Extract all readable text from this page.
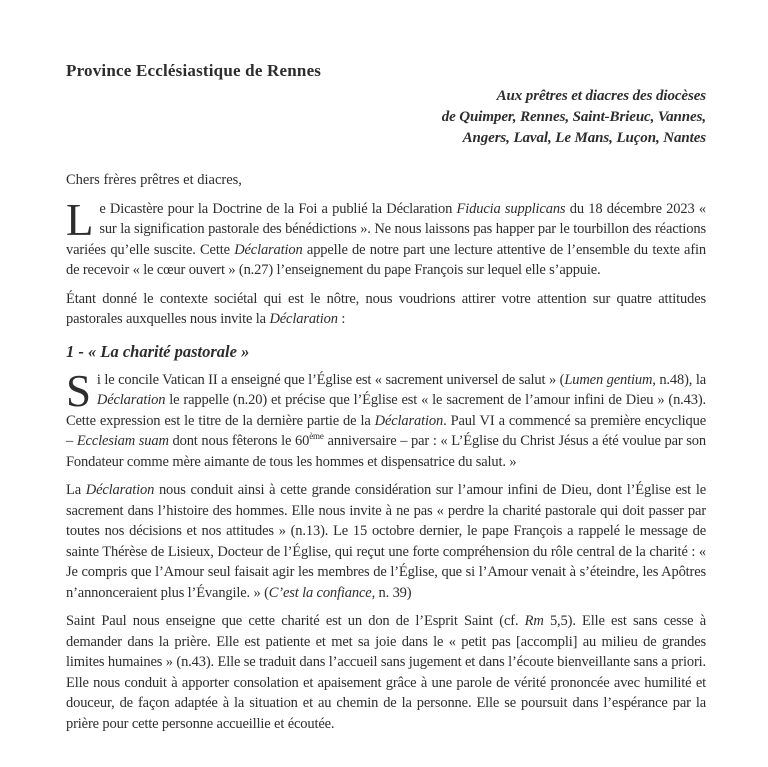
Province Ecclésiastique de Rennes
Aux prêtres et diacres des diocèses
de Quimper, Rennes, Saint-Brieuc, Vannes,
Angers, Laval, Le Mans, Luçon, Nantes

Chers frères prêtres et diacres,

Le Dicastère pour la Doctrine de la Foi a publié la Déclaration Fiducia supplicans du 18 décembre 2023 « sur la signification pastorale des bénédictions ». Ne nous laissons pas happer par le tourbillon des réactions variées qu’elle suscite. Cette Déclaration appelle de notre part une lecture attentive de l’ensemble du texte afin de recevoir « le cœur ouvert » (n.27) l’enseignement du pape François sur lequel elle s’appuie.

Étant donné le contexte sociétal qui est le nôtre, nous voudrions attirer votre attention sur quatre attitudes pastorales auxquelles nous invite la Déclaration :

1 - « La charité pastorale »

Si le concile Vatican II a enseigné que l’Église est « sacrement universel de salut » (Lumen gentium, n.48), la Déclaration le rappelle (n.20) et précise que l’Église est « le sacrement de l’amour infini de Dieu » (n.43). Cette expression est le titre de la dernière partie de la Déclaration. Paul VI a commencé sa première encyclique – Ecclesiam suam dont nous fêterons le 60ème anniversaire – par : « L’Église du Christ Jésus a été voulue par son Fondateur comme mère aimante de tous les hommes et dispensatrice du salut. »

La Déclaration nous conduit ainsi à cette grande considération sur l’amour infini de Dieu, dont l’Église est le sacrement dans l’histoire des hommes. Elle nous invite à ne pas « perdre la charité pastorale qui doit passer par toutes nos décisions et nos attitudes » (n.13). Le 15 octobre dernier, le pape François a rappelé le message de sainte Thérèse de Lisieux, Docteur de l’Église, qui reçut une forte compréhension du rôle central de la charité : « Je compris que l’Amour seul faisait agir les membres de l’Église, que si l’Amour venait à s’éteindre, les Apôtres n’annonceraient plus l’Évangile. » (C’est la confiance, n. 39)

Saint Paul nous enseigne que cette charité est un don de l’Esprit Saint (cf. Rm 5,5). Elle est sans cesse à demander dans la prière. Elle est patiente et met sa joie dans le « petit pas [accompli] au milieu de grandes limites humaines » (n.43). Elle se traduit dans l’accueil sans jugement et dans l’écoute bienveillante sans a priori. Elle nous conduit à apporter consolation et apaisement grâce à une parole de vérité prononcée avec humilité et douceur, de façon adaptée à la situation et au chemin de la personne. Elle se poursuit dans l’espérance par la prière pour cette personne accueillie et écoutée.
